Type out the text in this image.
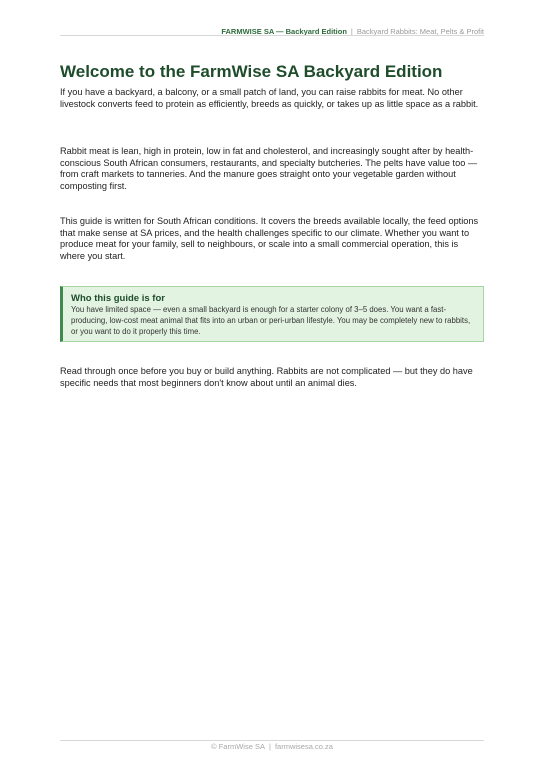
FARMWISE SA — Backyard Edition | Backyard Rabbits: Meat, Pelts & Profit
Welcome to the FarmWise SA Backyard Edition

If you have a backyard, a balcony, or a small patch of land, you can raise rabbits for meat. No other livestock converts feed to protein as efficiently, breeds as quickly, or takes up as little space as a rabbit.

Rabbit meat is lean, high in protein, low in fat and cholesterol, and increasingly sought after by health-conscious South African consumers, restaurants, and specialty butcheries. The pelts have value too — from craft markets to tanneries. And the manure goes straight onto your vegetable garden without composting first.

This guide is written for South African conditions. It covers the breeds available locally, the feed options that make sense at SA prices, and the health challenges specific to our climate. Whether you want to produce meat for your family, sell to neighbours, or scale into a small commercial operation, this is where you start.

Who this guide is for

You have limited space — even a small backyard is enough for a starter colony of 3–5 does. You want a fast-producing, low-cost meat animal that fits into an urban or peri-urban lifestyle. You may be completely new to rabbits, or you want to do it properly this time.

Read through once before you buy or build anything. Rabbits are not complicated — but they do have specific needs that most beginners don't know about until an animal dies.

© FarmWise SA | farmwisesa.co.za
